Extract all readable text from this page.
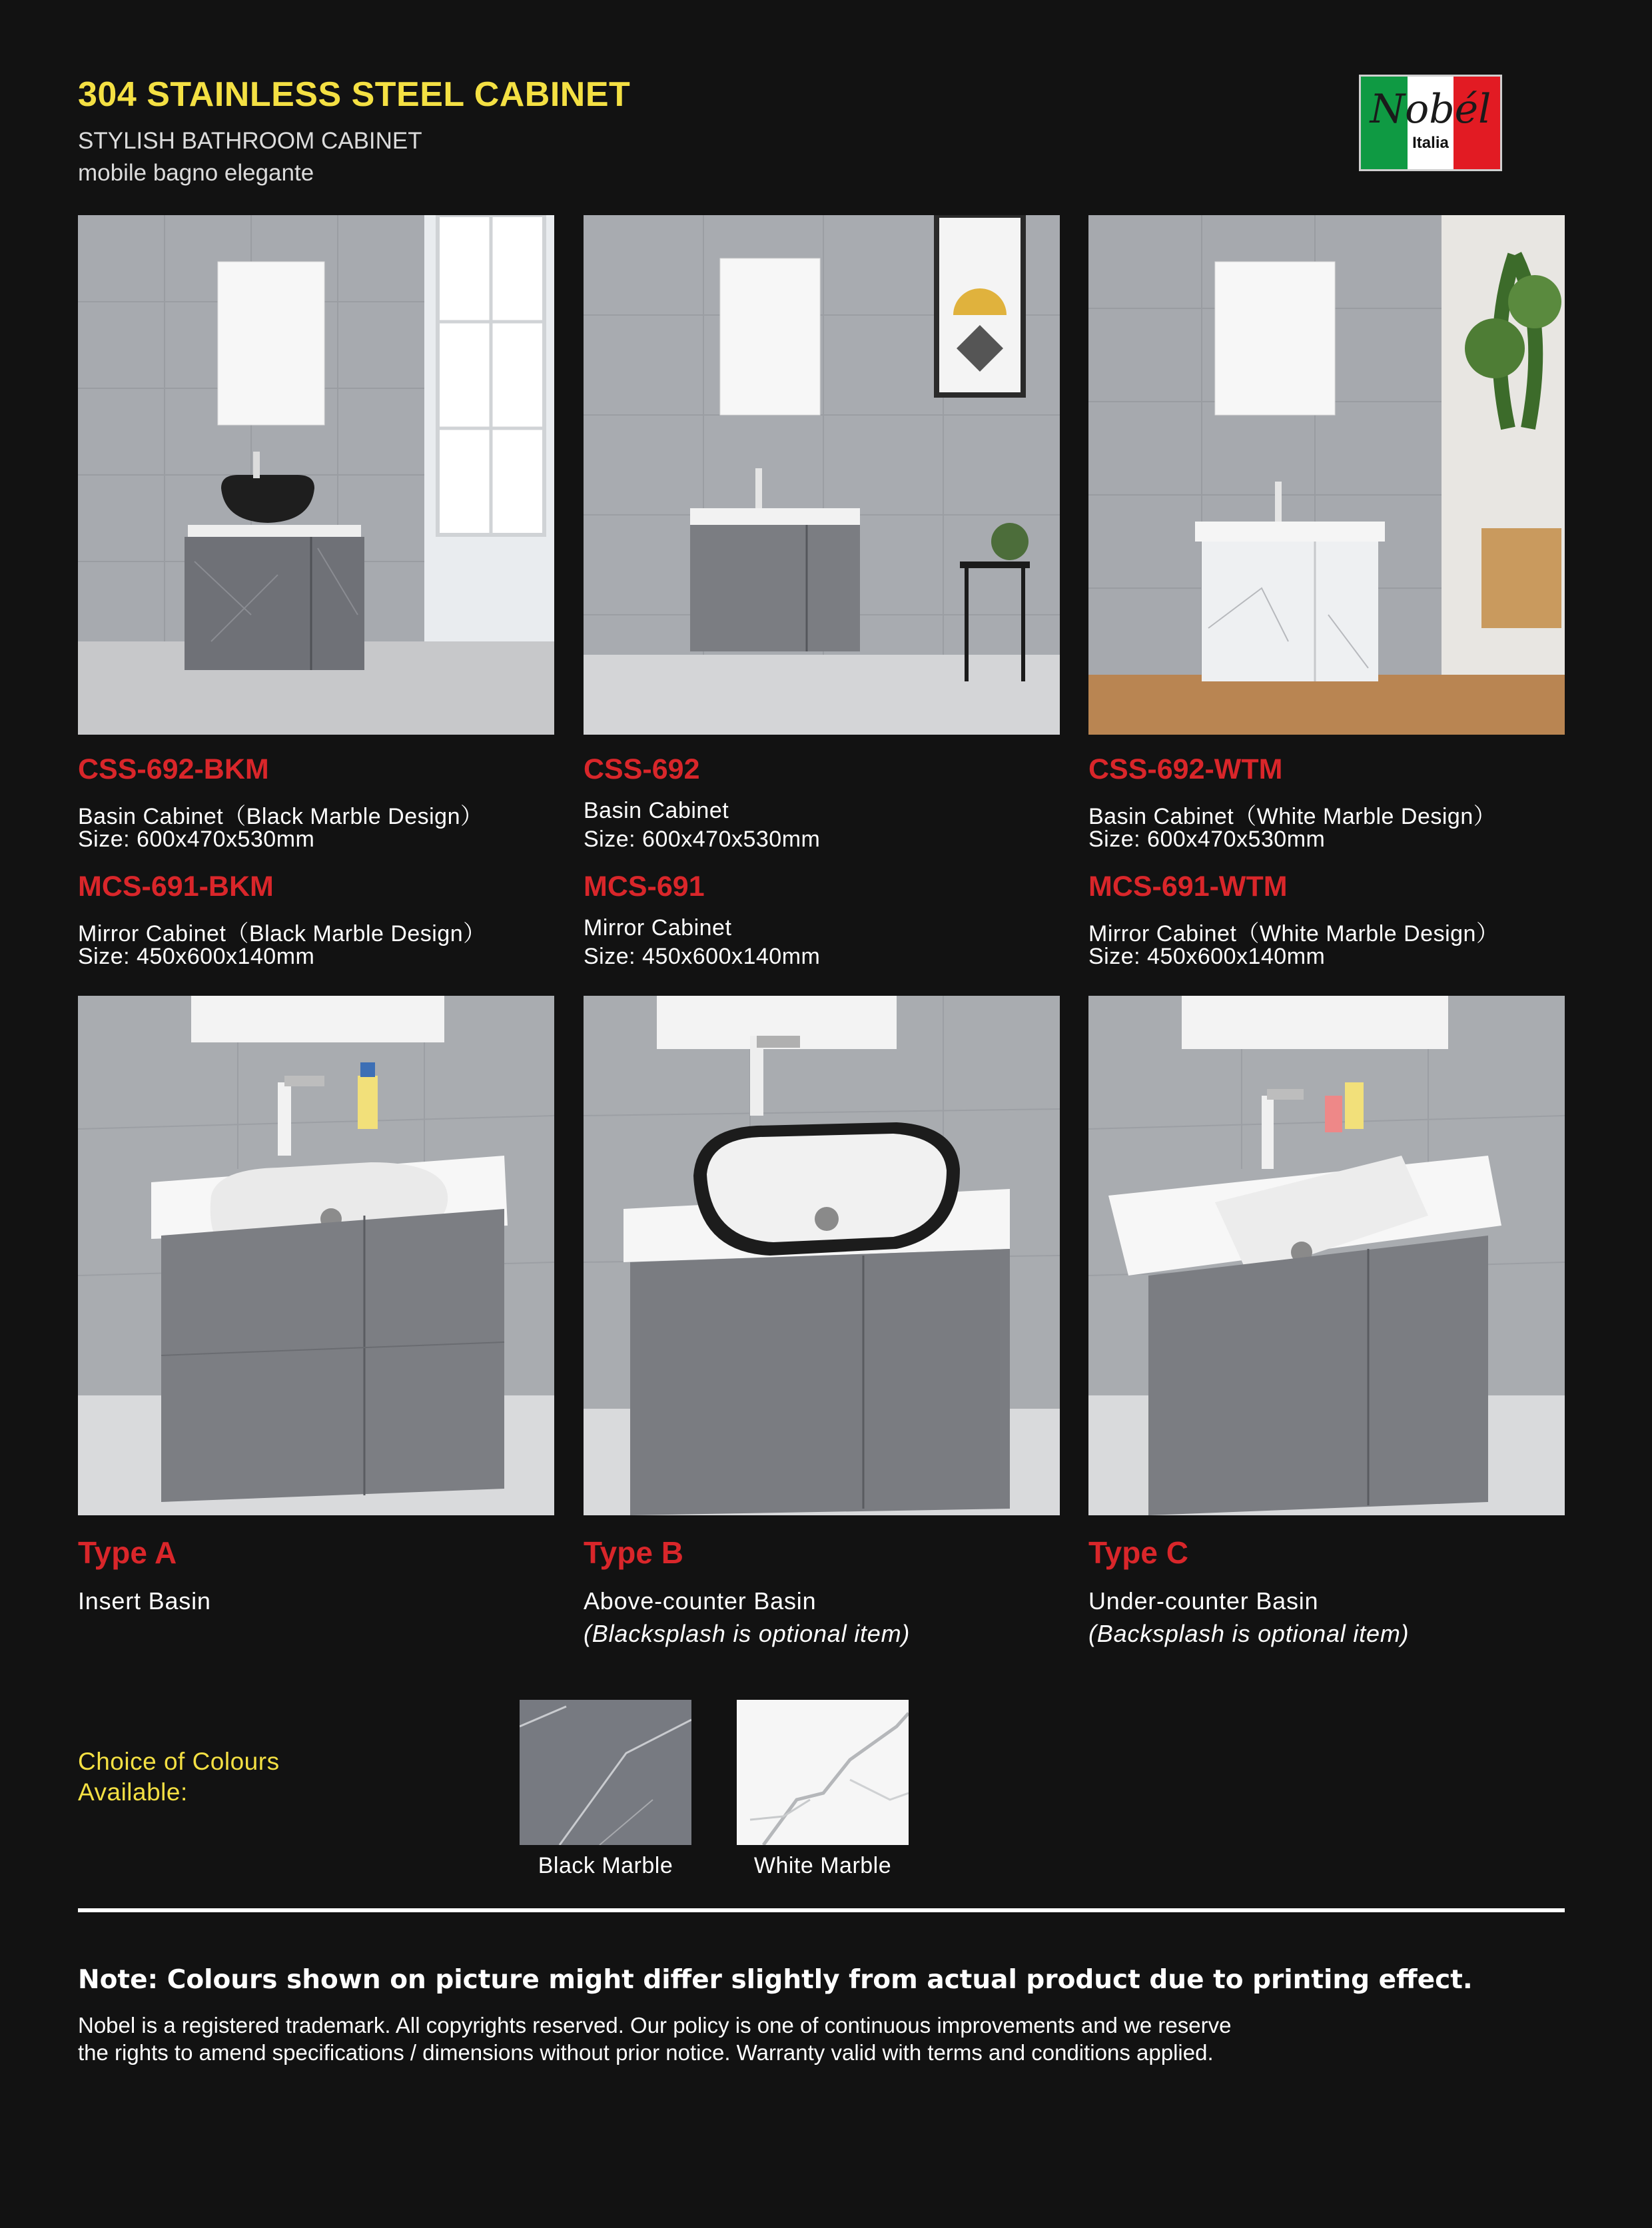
304 STAINLESS STEEL CABINET
STYLISH BATHROOM CABINET
mobile bagno elegante
Nobél
Italia
CSS-692-BKM
Basin Cabinet（Black Marble Design）
Size: 600x470x530mm
MCS-691-BKM
Mirror Cabinet（Black Marble Design）
Size: 450x600x140mm
CSS-692
Basin Cabinet
Size: 600x470x530mm
MCS-691
Mirror Cabinet
Size: 450x600x140mm
CSS-692-WTM
Basin Cabinet（White Marble Design）
Size: 600x470x530mm
MCS-691-WTM
Mirror Cabinet（White Marble Design）
Size: 450x600x140mm
Type A
Insert Basin
Type B
Above-counter Basin
(Blacksplash is optional item)
Type C
Under-counter Basin
(Backsplash is optional item)
Choice of Colours
Available:
Black Marble	White Marble
Note: Colours shown on picture might differ slightly from actual product due to printing effect.
Nobel is a registered trademark. All copyrights reserved. Our policy is one of continuous improvements and we reserve
the rights to amend specifications / dimensions without prior notice. Warranty valid with terms and conditions applied.
